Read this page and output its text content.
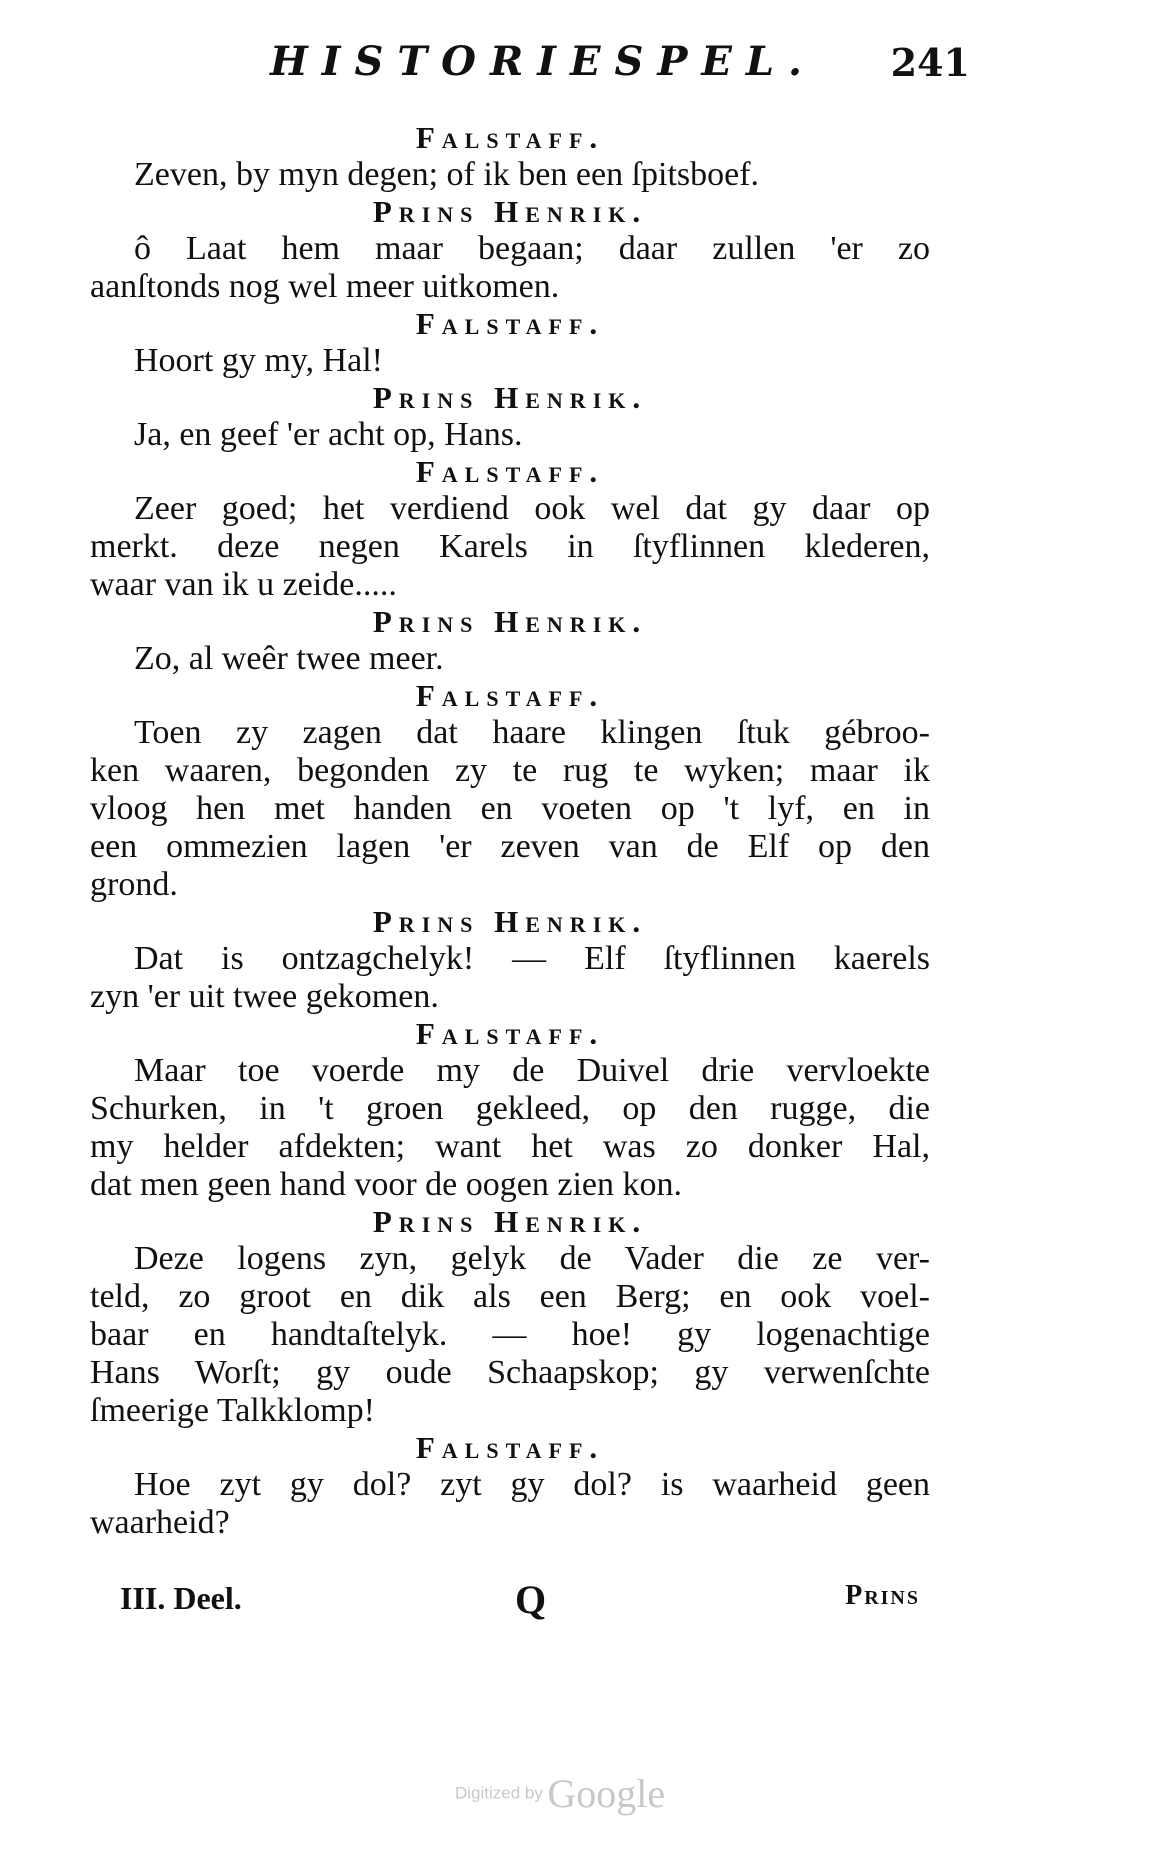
HISTORIESPEL. 241
Falstaff.
Zeven, by myn degen; of ik ben een ſpitsboef.
Prins Henrik.
ô Laat hem maar begaan; daar zullen 'er zo
aanſtonds nog wel meer uitkomen.
Falstaff.
Hoort gy my, Hal!
Prins Henrik.
Ja, en geef 'er acht op, Hans.
Falstaff.
Zeer goed; het verdiend ook wel dat gy daar op
merkt. deze negen Karels in ſtyflinnen klederen,
waar van ik u zeide.....
Prins Henrik.
Zo, al weêr twee meer.
Falstaff.
Toen zy zagen dat haare klingen ſtuk gébroo-
ken waaren, begonden zy te rug te wyken; maar ik
vloog hen met handen en voeten op 't lyf, en in
een ommezien lagen 'er zeven van de Elf op den
grond.
Prins Henrik.
Dat is ontzagchelyk! — Elf ſtyflinnen kaerels
zyn 'er uit twee gekomen.
Falstaff.
Maar toe voerde my de Duivel drie vervloekte
Schurken, in 't groen gekleed, op den rugge, die
my helder afdekten; want het was zo donker Hal,
dat men geen hand voor de oogen zien kon.
Prins Henrik.
Deze logens zyn, gelyk de Vader die ze ver-
teld, zo groot en dik als een Berg; en ook voel-
baar en handtaſtelyk. — hoe! gy logenachtige
Hans Worſt; gy oude Schaapskop; gy verwenſchte
ſmeerige Talkklomp!
Falstaff.
Hoe zyt gy dol? zyt gy dol? is waarheid geen
waarheid?
III. Deel.	Q	Prins
Digitized by Google
